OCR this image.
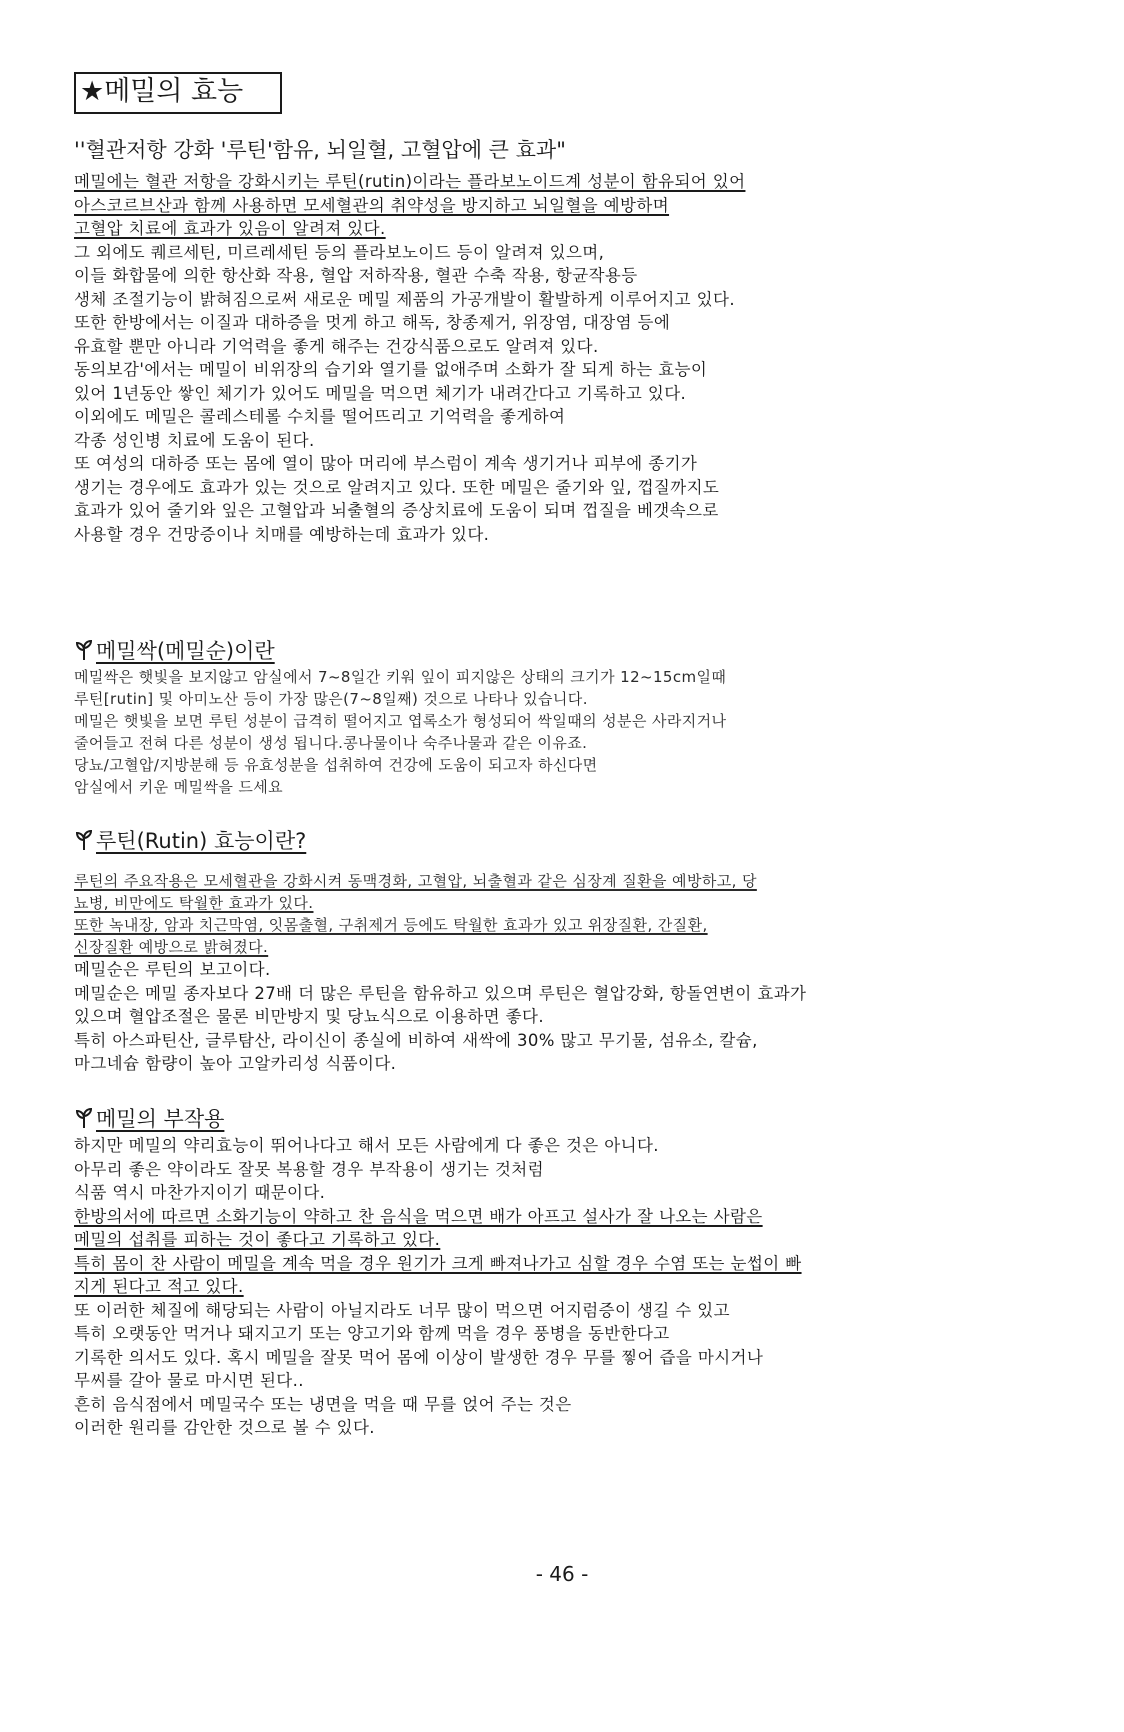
★메밀의 효능
''혈관저항 강화 '루틴'함유, 뇌일혈, 고혈압에 큰 효과"
메밀에는 혈관 저항을 강화시키는 루틴(rutin)이라는 플라보노이드계 성분이 함유되어 있어
아스코르브산과 함께 사용하면 모세혈관의 취약성을 방지하고 뇌일혈을 예방하며
고혈압 치료에 효과가 있음이 알려져 있다.
그 외에도 퀘르세틴, 미르레세틴 등의 플라보노이드 등이 알려져 있으며,
이들 화합물에 의한 항산화 작용, 혈압 저하작용, 혈관 수축 작용, 항균작용등
생체 조절기능이 밝혀짐으로써 새로운 메밀 제품의 가공개발이 활발하게 이루어지고 있다.
또한 한방에서는 이질과 대하증을 멋게 하고 해독, 창종제거, 위장염, 대장염 등에
유효할 뿐만 아니라 기억력을 좋게 해주는 건강식품으로도 알려져 있다.
동의보감'에서는 메밀이 비위장의 습기와 열기를 없애주며 소화가 잘 되게 하는 효능이
있어 1년동안 쌓인 체기가 있어도 메밀을 먹으면 체기가 내려간다고 기록하고 있다.
이외에도 메밀은 콜레스테롤 수치를 떨어뜨리고 기억력을 좋게하여
각종 성인병 치료에 도움이 된다.
또 여성의 대하증 또는 몸에 열이 많아 머리에 부스럼이 계속 생기거나 피부에 종기가
생기는 경우에도 효과가 있는 것으로 알려지고 있다. 또한 메밀은 줄기와 잎, 껍질까지도
효과가 있어 줄기와 잎은 고혈압과 뇌출혈의 증상치료에 도움이 되며 껍질을 베갯속으로
사용할 경우 건망증이나 치매를 예방하는데 효과가 있다.
메밀싹(메밀순)이란
메밀싹은 햇빛을 보지않고 암실에서 7~8일간 키워 잎이 피지않은 상태의 크기가 12~15cm일때
루틴[rutin] 및 아미노산 등이 가장 많은(7~8일째) 것으로 나타나 있습니다.
메밀은 햇빛을 보면 루틴 성분이 급격히 떨어지고 엽록소가 형성되어 싹일때의 성분은 사라지거나
줄어들고 전혀 다른 성분이 생성 됩니다.콩나물이나 숙주나물과 같은 이유죠.
당뇨/고혈압/지방분해 등 유효성분을 섭취하여 건강에 도움이 되고자 하신다면
암실에서 키운 메밀싹을 드세요
루틴(Rutin) 효능이란?
루틴의 주요작용은 모세혈관을 강화시켜 동맥경화, 고혈압, 뇌출혈과 같은 심장계 질환을 예방하고, 당
뇨병, 비만에도 탁월한 효과가 있다.
또한 녹내장, 암과 치근막염, 잇몸출혈, 구취제거 등에도 탁월한 효과가 있고 위장질환, 간질환,
신장질환 예방으로 밝혀졌다.
메밀순은 루틴의 보고이다.
메밀순은 메밀 종자보다 27배 더 많은 루틴을 함유하고 있으며 루틴은 혈압강화, 항돌연변이 효과가
있으며 혈압조절은 물론 비만방지 및 당뇨식으로 이용하면 좋다.
특히 아스파틴산, 글루탐산, 라이신이 종실에 비하여 새싹에 30% 많고 무기물, 섬유소, 칼슘,
마그네슘 함량이 높아 고알카리성 식품이다.
메밀의 부작용
하지만 메밀의 약리효능이 뛰어나다고 해서 모든 사람에게 다 좋은 것은 아니다.
아무리 좋은 약이라도 잘못 복용할 경우 부작용이 생기는 것처럼
식품 역시 마찬가지이기 때문이다.
한방의서에 따르면 소화기능이 약하고 찬 음식을 먹으면 배가 아프고 설사가 잘 나오는 사람은
메밀의 섭취를 피하는 것이 좋다고 기록하고 있다.
특히 몸이 찬 사람이 메밀을 계속 먹을 경우 원기가 크게 빠져나가고 심할 경우 수염 또는 눈썹이 빠
지게 된다고 적고 있다.
또 이러한 체질에 해당되는 사람이 아닐지라도 너무 많이 먹으면 어지럼증이 생길 수 있고
특히 오랫동안 먹거나 돼지고기 또는 양고기와 함께 먹을 경우 풍병을 동반한다고
기록한 의서도 있다. 혹시 메밀을 잘못 먹어 몸에 이상이 발생한 경우 무를 찧어 즙을 마시거나
무씨를 갈아 물로 마시면 된다..
흔히 음식점에서 메밀국수 또는 냉면을 먹을 때 무를 얹어 주는 것은
이러한 원리를 감안한 것으로 볼 수 있다.
- 46 -
